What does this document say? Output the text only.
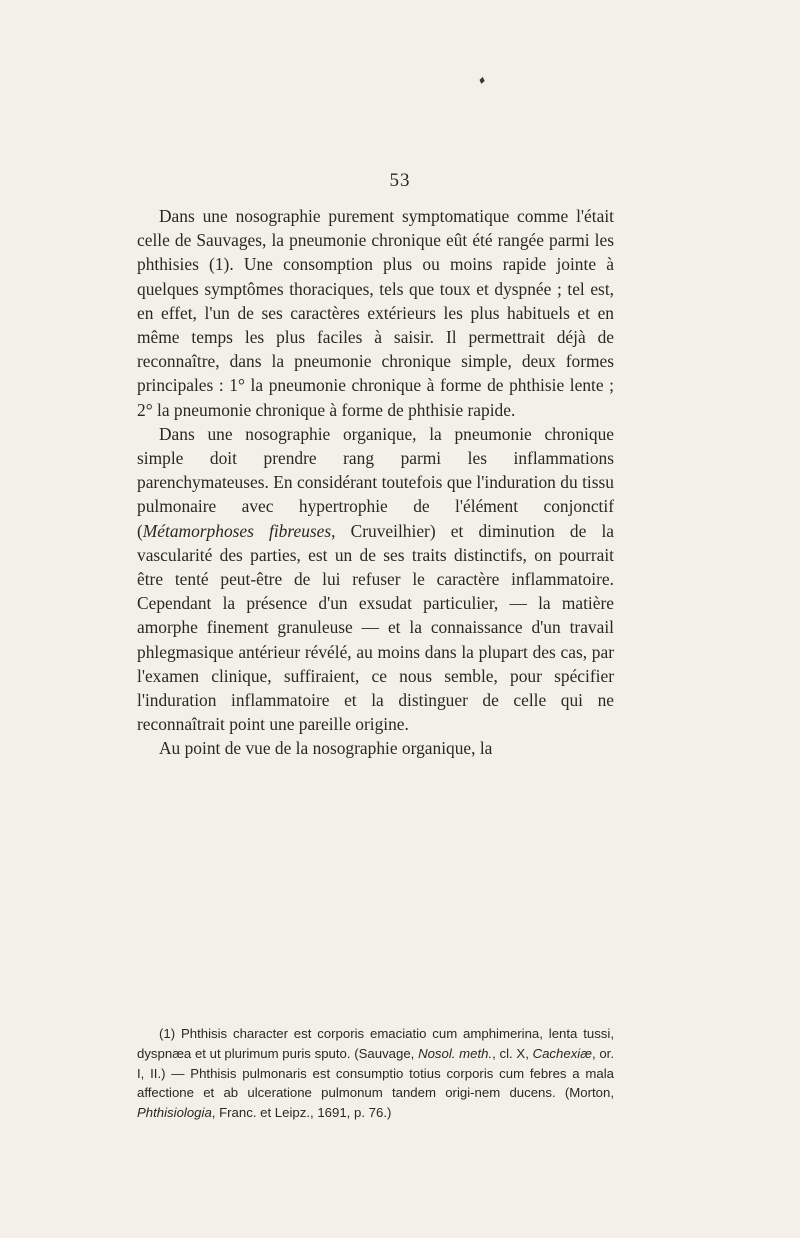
♦
53

Dans une nosographie purement symptomatique comme l'était celle de Sauvages, la pneumonie chronique eût été rangée parmi les phthisies (1). Une consomption plus ou moins rapide jointe à quelques symptômes thoraciques, tels que toux et dyspnée ; tel est, en effet, l'un de ses caractères extérieurs les plus habituels et en même temps les plus faciles à saisir. Il permettrait déjà de reconnaître, dans la pneumonie chronique simple, deux formes principales : 1° la pneumonie chronique à forme de phthisie lente ; 2° la pneumonie chronique à forme de phthisie rapide.

Dans une nosographie organique, la pneumonie chronique simple doit prendre rang parmi les inflammations parenchymateuses. En considérant toutefois que l'induration du tissu pulmonaire avec hypertrophie de l'élément conjonctif (Métamorphoses fibreuses, Cruveilhier) et diminution de la vascularité des parties, est un de ses traits distinctifs, on pourrait être tenté peut-être de lui refuser le caractère inflammatoire. Cependant la présence d'un exsudat particulier, — la matière amorphe finement granuleuse — et la connaissance d'un travail phlegmasique antérieur révélé, au moins dans la plupart des cas, par l'examen clinique, suffiraient, ce nous semble, pour spécifier l'induration inflammatoire et la distinguer de celle qui ne reconnaîtrait point une pareille origine.

Au point de vue de la nosographie organique, la

(1) Phthisis character est corporis emaciatio cum amphimerina, lenta tussi, dyspnæa et ut plurimum puris sputo. (Sauvage, Nosol. meth., cl. X, Cachexiæ, or. I, II.) — Phthisis pulmonaris est consumptio totius corporis cum febres a mala affectione et ab ulceratione pulmonum tandem origi-nem ducens. (Morton, Phthisiologia, Franc. et Leipz., 1691, p. 76.)
